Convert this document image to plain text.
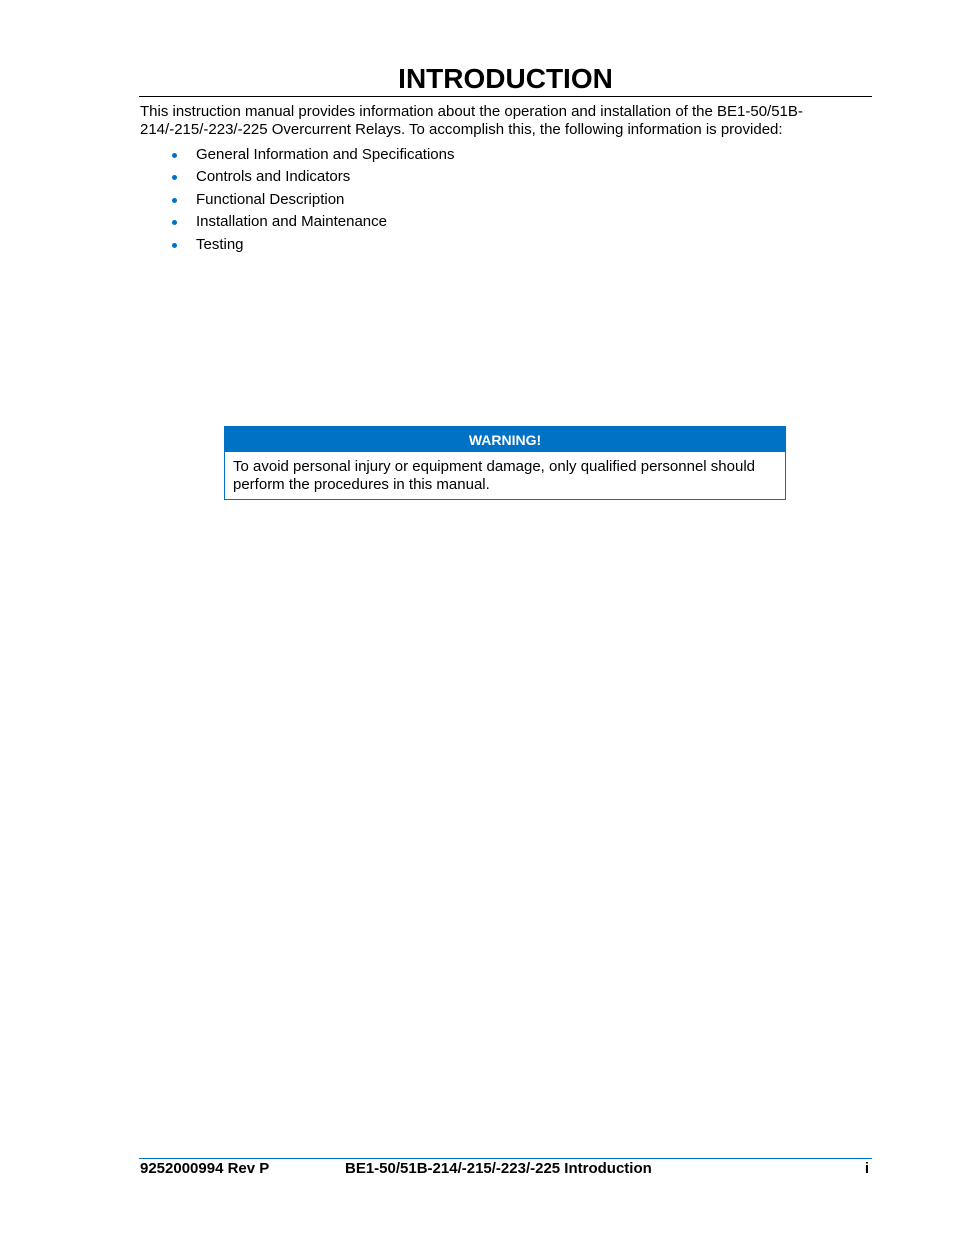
INTRODUCTION

This instruction manual provides information about the operation and installation of the BE1-50/51B-214/-215/-223/-225 Overcurrent Relays. To accomplish this, the following information is provided:

General Information and Specifications
Controls and Indicators
Functional Description
Installation and Maintenance
Testing
WARNING!
To avoid personal injury or equipment damage, only qualified personnel should perform the procedures in this manual.
9252000994 Rev P	BE1-50/51B-214/-215/-223/-225 Introduction	i
